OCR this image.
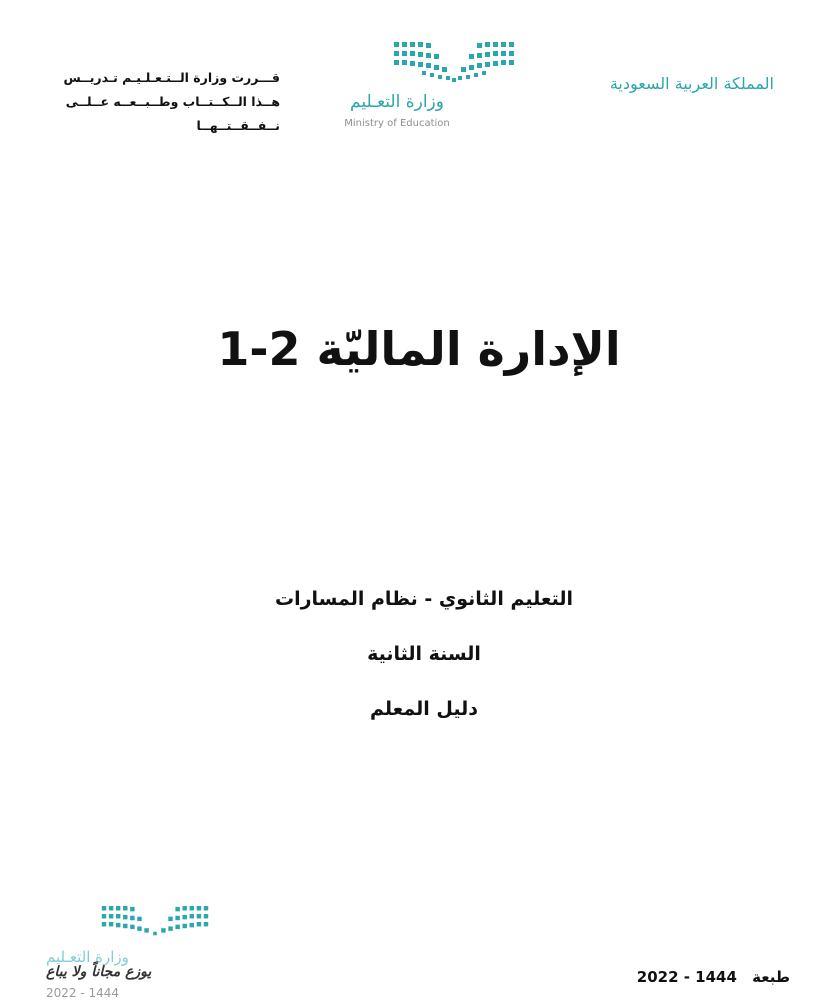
المملكة العربية السعودية
وزارة التعـليم
Ministry of Education
قـــررت وزارة الــتـعـلـيـم تـدريــس
هــذا الــكــتــاب وطــبــعــه عــلــى نــفــقــتــهــا
الإدارة الماليّة 2-1
التعليم الثانوي - نظام المسارات
السنة الثانية
دليل المعلم
وزارة التعـليم
يوزع مجاناً ولا يباع
2022 - 1444
طبعة 2022 - 1444
